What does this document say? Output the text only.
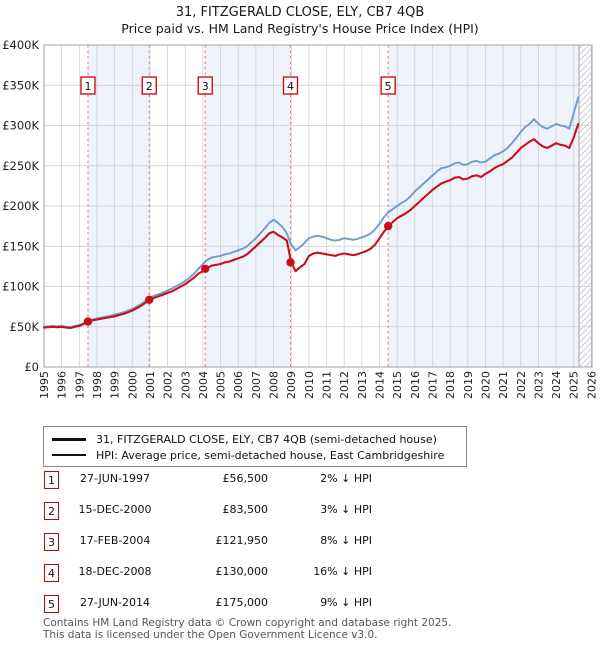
31, FITZGERALD CLOSE, ELY, CB7 4QB
Price paid vs. HM Land Registry's House Price Index (HPI)
1	2	3	4	5
£0
£50K
£100K
£150K
£200K
£250K
£300K
£350K
£400K
1995 1996 1997 1998 1999 2000 2001 2002 2003 2004 2005 2006 2007 2008 2009 2010 2011 2012 2013 2014 2015 2016 2017 2018 2019 2020 2021 2022 2023 2024 2025 2026
31, FITZGERALD CLOSE, ELY, CB7 4QB (semi-detached house)
HPI: Average price, semi-detached house, East Cambridgeshire
1	27-JUN-1997	£56,500	2% ↓ HPI
2	15-DEC-2000	£83,500	3% ↓ HPI
3	17-FEB-2004	£121,950	8% ↓ HPI
4	18-DEC-2008	£130,000	16% ↓ HPI
5	27-JUN-2014	£175,000	9% ↓ HPI
Contains HM Land Registry data © Crown copyright and database right 2025.
This data is licensed under the Open Government Licence v3.0.
